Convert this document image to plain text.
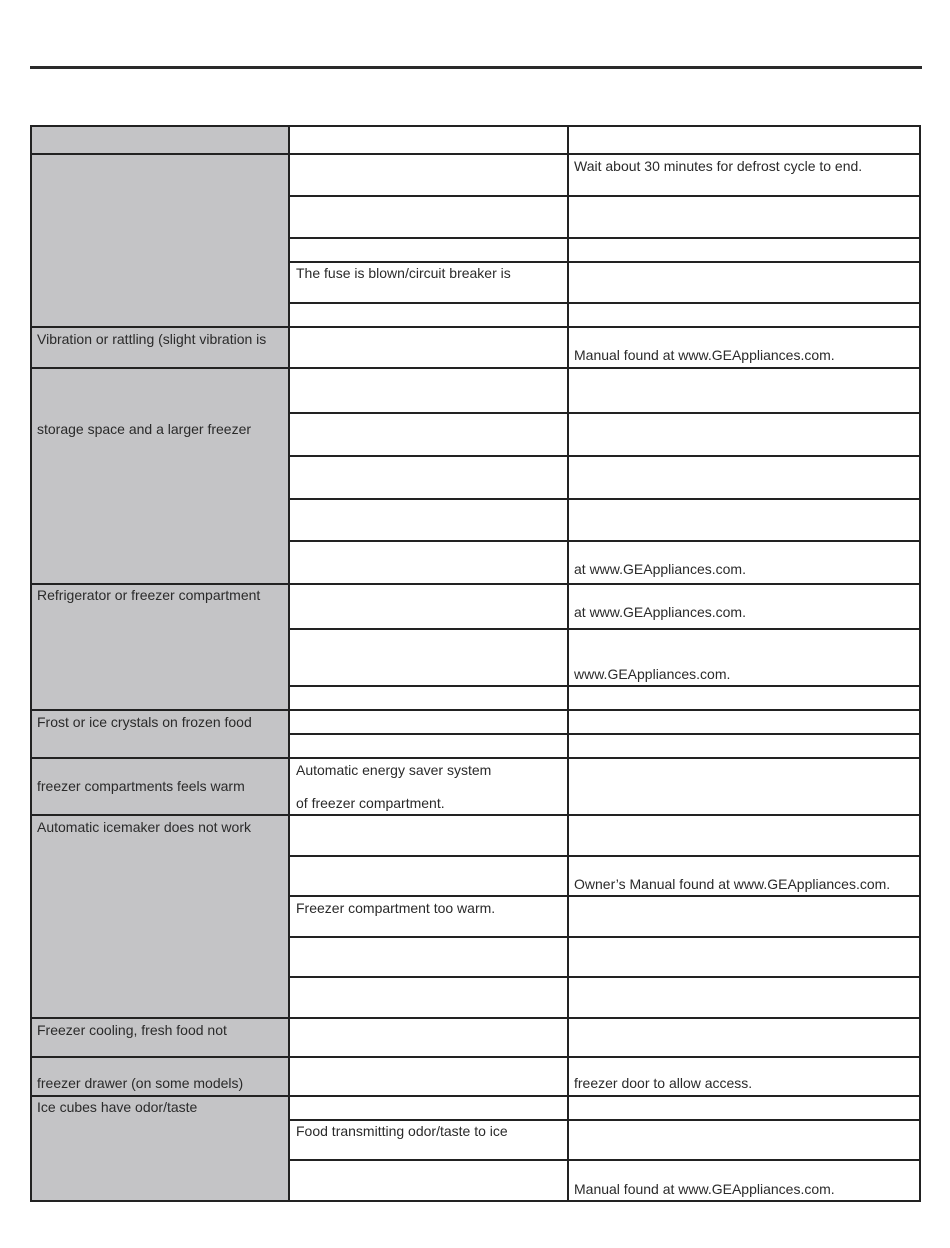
Vibration or rattling (slight vibration is
storage space and a larger freezer
Refrigerator or freezer compartment
Frost or ice crystals on frozen food
freezer compartments feels warm
Automatic icemaker does not work
Freezer cooling, fresh food not
freezer drawer (on some models)
Ice cubes have odor/taste
The fuse is blown/circuit breaker is
Automatic energy saver system
of freezer compartment.
Freezer compartment too warm.
Food transmitting odor/taste to ice
Wait about 30 minutes for defrost cycle to end.
Manual found at www.GEAppliances.com.
at www.GEAppliances.com.
at www.GEAppliances.com.
www.GEAppliances.com.
Owner’s Manual found at www.GEAppliances.com.
freezer door to allow access.
Manual found at www.GEAppliances.com.
